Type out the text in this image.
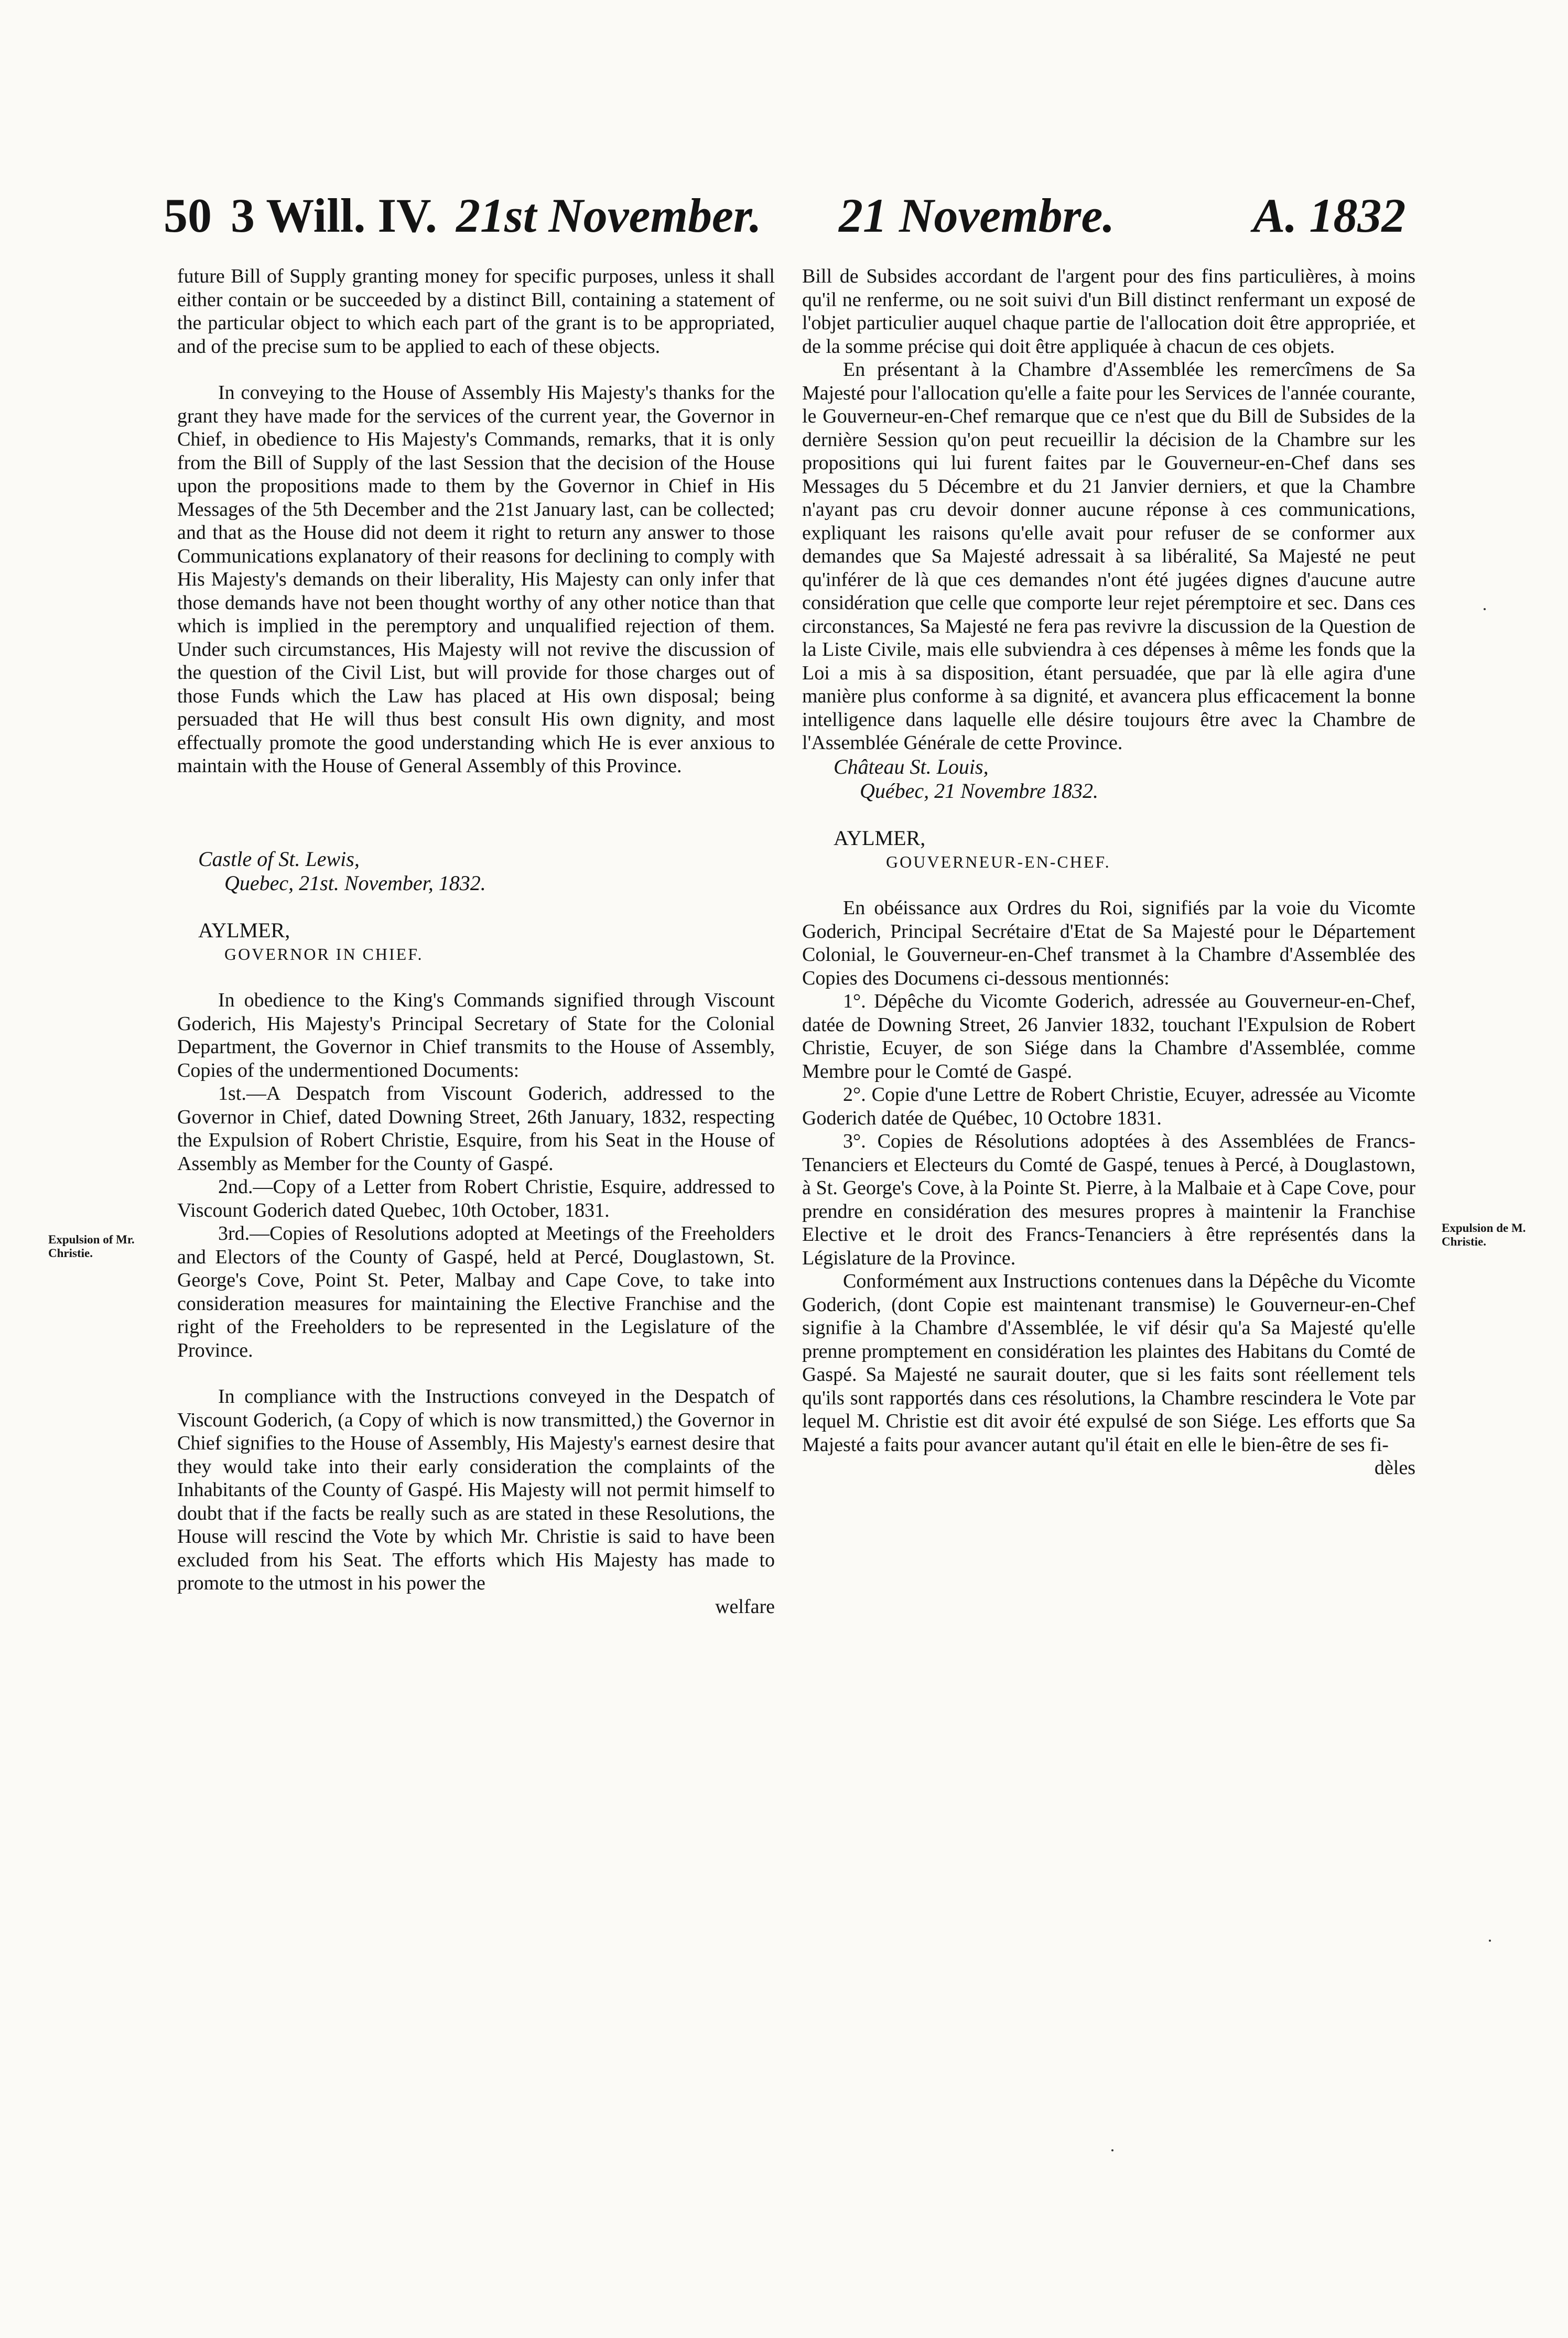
50 3 Will. IV. 21st November. 21 Novembre.	A. 1832
Expulsion of Mr. Christie.
Expulsion de M. Christie.

future Bill of Supply granting money for specific purposes, unless it shall either contain or be succeeded by a distinct Bill, containing a statement of the particular object to which each part of the grant is to be appropriated, and of the precise sum to be applied to each of these objects.

In conveying to the House of Assembly His Majesty's thanks for the grant they have made for the services of the current year, the Governor in Chief, in obedience to His Majesty's Commands, remarks, that it is only from the Bill of Supply of the last Session that the decision of the House upon the propositions made to them by the Governor in Chief in His Messages of the 5th December and the 21st January last, can be collected; and that as the House did not deem it right to return any answer to those Communications explanatory of their reasons for declining to comply with His Majesty's demands on their liberality, His Majesty can only infer that those demands have not been thought worthy of any other notice than that which is implied in the peremptory and unqualified rejection of them. Under such circumstances, His Majesty will not revive the discussion of the question of the Civil List, but will provide for those charges out of those Funds which the Law has placed at His own disposal; being persuaded that He will thus best consult His own dignity, and most effectually promote the good understanding which He is ever anxious to maintain with the House of General Assembly of this Province.

Castle of St. Lewis,

Quebec, 21st. November, 1832.

AYLMER,

GOVERNOR IN CHIEF.

In obedience to the King's Commands signified through Viscount Goderich, His Majesty's Principal Secretary of State for the Colonial Department, the Governor in Chief transmits to the House of Assembly, Copies of the undermentioned Documents:

1st.—A Despatch from Viscount Goderich, addressed to the Governor in Chief, dated Downing Street, 26th January, 1832, respecting the Expulsion of Robert Christie, Esquire, from his Seat in the House of Assembly as Member for the County of Gaspé.

2nd.—Copy of a Letter from Robert Christie, Esquire, addressed to Viscount Goderich dated Quebec, 10th October, 1831.

3rd.—Copies of Resolutions adopted at Meetings of the Freeholders and Electors of the County of Gaspé, held at Percé, Douglastown, St. George's Cove, Point St. Peter, Malbay and Cape Cove, to take into consideration measures for maintaining the Elective Franchise and the right of the Freeholders to be represented in the Legislature of the Province.

In compliance with the Instructions conveyed in the Despatch of Viscount Goderich, (a Copy of which is now transmitted,) the Governor in Chief signifies to the House of Assembly, His Majesty's earnest desire that they would take into their early consideration the complaints of the Inhabitants of the County of Gaspé. His Majesty will not permit himself to doubt that if the facts be really such as are stated in these Resolutions, the House will rescind the Vote by which Mr. Christie is said to have been excluded from his Seat. The efforts which His Majesty has made to promote to the utmost in his power the

welfare

Bill de Subsides accordant de l'argent pour des fins particulières, à moins qu'il ne renferme, ou ne soit suivi d'un Bill distinct renfermant un exposé de l'objet particulier auquel chaque partie de l'allocation doit être appropriée, et de la somme précise qui doit être appliquée à chacun de ces objets.

En présentant à la Chambre d'Assemblée les remercîmens de Sa Majesté pour l'allocation qu'elle a faite pour les Services de l'année courante, le Gouverneur-en-Chef remarque que ce n'est que du Bill de Subsides de la dernière Session qu'on peut recueillir la décision de la Chambre sur les propositions qui lui furent faites par le Gouverneur-en-Chef dans ses Messages du 5 Décembre et du 21 Janvier derniers, et que la Chambre n'ayant pas cru devoir donner aucune réponse à ces communications, expliquant les raisons qu'elle avait pour refuser de se conformer aux demandes que Sa Majesté adressait à sa libéralité, Sa Majesté ne peut qu'inférer de là que ces demandes n'ont été jugées dignes d'aucune autre considération que celle que comporte leur rejet péremptoire et sec. Dans ces circonstances, Sa Majesté ne fera pas revivre la discussion de la Question de la Liste Civile, mais elle subviendra à ces dépenses à même les fonds que la Loi a mis à sa disposition, étant persuadée, que par là elle agira d'une manière plus conforme à sa dignité, et avancera plus efficacement la bonne intelligence dans laquelle elle désire toujours être avec la Chambre de l'Assemblée Générale de cette Province.

Château St. Louis,

Québec, 21 Novembre 1832.

AYLMER,

GOUVERNEUR-EN-CHEF.

En obéissance aux Ordres du Roi, signifiés par la voie du Vicomte Goderich, Principal Secrétaire d'Etat de Sa Majesté pour le Département Colonial, le Gouverneur-en-Chef transmet à la Chambre d'Assemblée des Copies des Documens ci-dessous mentionnés:

1°. Dépêche du Vicomte Goderich, adressée au Gouverneur-en-Chef, datée de Downing Street, 26 Janvier 1832, touchant l'Expulsion de Robert Christie, Ecuyer, de son Siége dans la Chambre d'Assemblée, comme Membre pour le Comté de Gaspé.

2°. Copie d'une Lettre de Robert Christie, Ecuyer, adressée au Vicomte Goderich datée de Québec, 10 Octobre 1831.

3°. Copies de Résolutions adoptées à des Assemblées de Francs-Tenanciers et Electeurs du Comté de Gaspé, tenues à Percé, à Douglastown, à St. George's Cove, à la Pointe St. Pierre, à la Malbaie et à Cape Cove, pour prendre en considération des mesures propres à maintenir la Franchise Elective et le droit des Francs-Tenanciers à être représentés dans la Législature de la Province.

Conformément aux Instructions contenues dans la Dépêche du Vicomte Goderich, (dont Copie est maintenant transmise) le Gouverneur-en-Chef signifie à la Chambre d'Assemblée, le vif désir qu'a Sa Majesté qu'elle prenne promptement en considération les plaintes des Habitans du Comté de Gaspé. Sa Majesté ne saurait douter, que si les faits sont réellement tels qu'ils sont rapportés dans ces résolutions, la Chambre rescindera le Vote par lequel M. Christie est dit avoir été expulsé de son Siége. Les efforts que Sa Majesté a faits pour avancer autant qu'il était en elle le bien-être de ses fi-

dèles
